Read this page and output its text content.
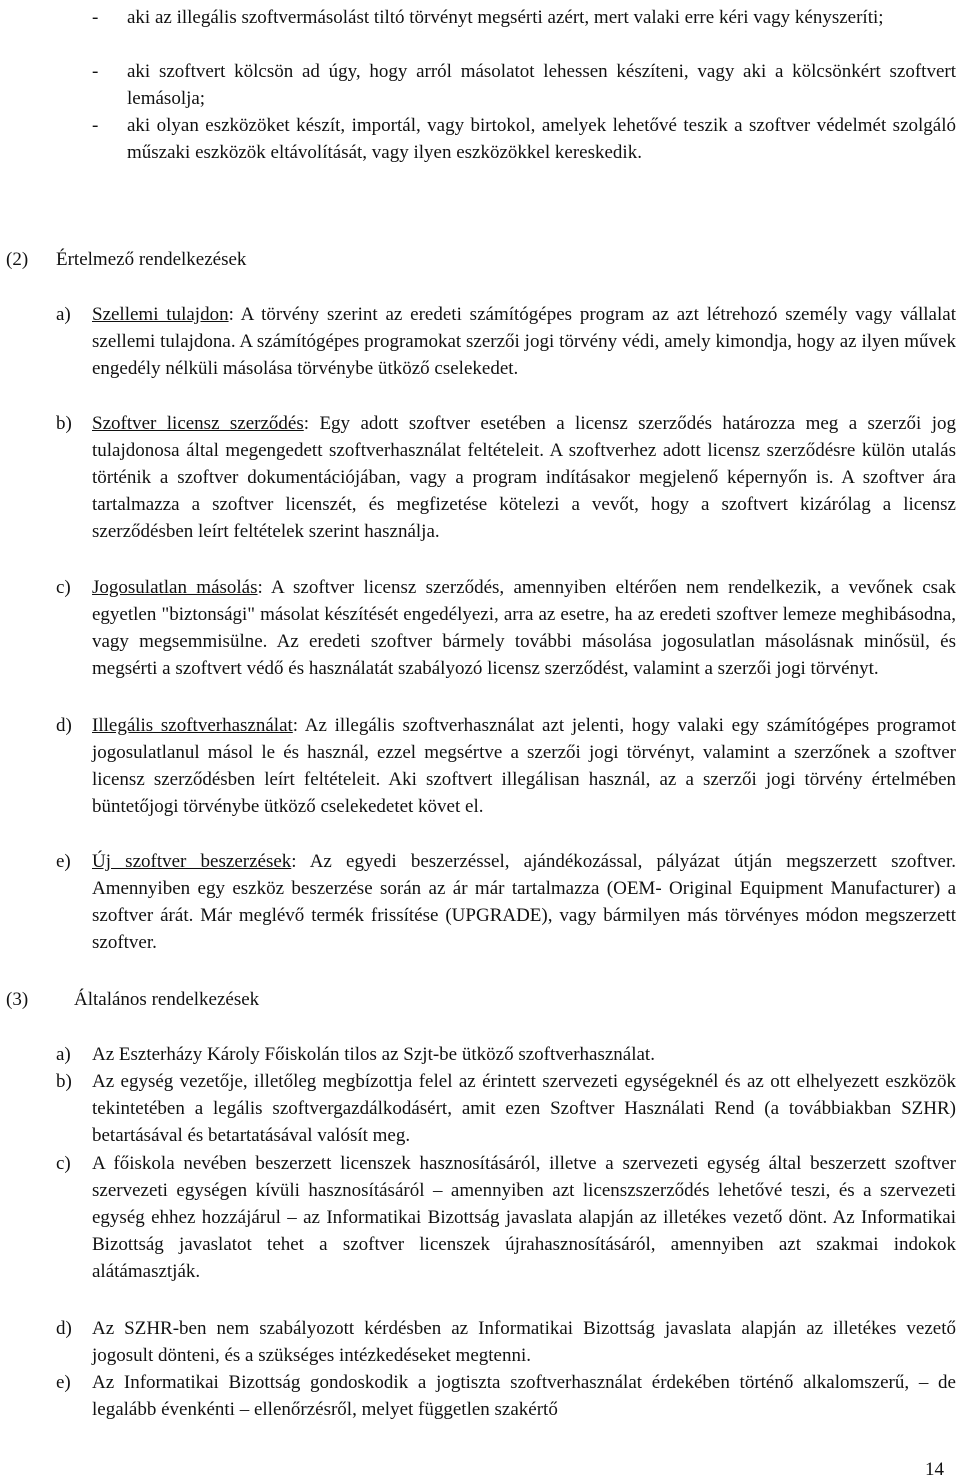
- aki az illegális szoftvermásolást tiltó törvényt megsérti azért, mert valaki erre kéri vagy kényszeríti;
- aki szoftvert kölcsön ad úgy, hogy arról másolatot lehessen készíteni, vagy aki a kölcsönkért szoftvert lemásolja;
- aki olyan eszközöket készít, importál, vagy birtokol, amelyek lehetővé teszik a szoftver védelmét szolgáló műszaki eszközök eltávolítását, vagy ilyen eszközökkel kereskedik.
(2) Értelmező rendelkezések
a) Szellemi tulajdon: A törvény szerint az eredeti számítógépes program az azt létrehozó személy vagy vállalat szellemi tulajdona. A számítógépes programokat szerzői jogi törvény védi, amely kimondja, hogy az ilyen művek engedély nélküli másolása törvénybe ütköző cselekedet.
b) Szoftver licensz szerződés: Egy adott szoftver esetében a licensz szerződés határozza meg a szerzői jog tulajdonosa által megengedett szoftverhasználat feltételeit. A szoftverhez adott licensz szerződésre külön utalás történik a szoftver dokumentációjában, vagy a program indításakor megjelenő képernyőn is. A szoftver ára tartalmazza a szoftver licenszét, és megfizetése kötelezi a vevőt, hogy a szoftvert kizárólag a licensz szerződésben leírt feltételek szerint használja.
c) Jogosulatlan másolás: A szoftver licensz szerződés, amennyiben eltérően nem rendelkezik, a vevőnek csak egyetlen "biztonsági" másolat készítését engedélyezi, arra az esetre, ha az eredeti szoftver lemeze meghibásodna, vagy megsemmisülne. Az eredeti szoftver bármely további másolása jogosulatlan másolásnak minősül, és megsérti a szoftvert védő és használatát szabályozó licensz szerződést, valamint a szerzői jogi törvényt.
d) Illegális szoftverhasználat: Az illegális szoftverhasználat azt jelenti, hogy valaki egy számítógépes programot jogosulatlanul másol le és használ, ezzel megsértve a szerzői jogi törvényt, valamint a szerzőnek a szoftver licensz szerződésben leírt feltételeit. Aki szoftvert illegálisan használ, az a szerzői jogi törvény értelmében büntetőjogi törvénybe ütköző cselekedetet követ el.
e) Új szoftver beszerzések: Az egyedi beszerzéssel, ajándékozással, pályázat útján megszerzett szoftver. Amennyiben egy eszköz beszerzése során az ár már tartalmazza (OEM- Original Equipment Manufacturer) a szoftver árát. Már meglévő termék frissítése (UPGRADE), vagy bármilyen más törvényes módon megszerzett szoftver.
(3) Általános rendelkezések
a) Az Eszterházy Károly Főiskolán tilos az Szjt-be ütköző szoftverhasználat.
b) Az egység vezetője, illetőleg megbízottja felel az érintett szervezeti egységeknél és az ott elhelyezett eszközök tekintetében a legális szoftvergazdálkodásért, amit ezen Szoftver Használati Rend (a továbbiakban SZHR) betartásával és betartatásával valósít meg.
c) A főiskola nevében beszerzett licenszek hasznosításáról, illetve a szervezeti egység által beszerzett szoftver szervezeti egységen kívüli hasznosításáról – amennyiben azt licenszszerződés lehetővé teszi, és a szervezeti egység ehhez hozzájárul – az Informatikai Bizottság javaslata alapján az illetékes vezető dönt. Az Informatikai Bizottság javaslatot tehet a szoftver licenszek újrahasznosításáról, amennyiben azt szakmai indokok alátámasztják.
d) Az SZHR-ben nem szabályozott kérdésben az Informatikai Bizottság javaslata alapján az illetékes vezető jogosult dönteni, és a szükséges intézkedéseket megtenni.
e) Az Informatikai Bizottság gondoskodik a jogtiszta szoftverhasználat érdekében történő alkalomszerű, – de legalább évenkénti – ellenőrzésről, melyet független szakértő
14
